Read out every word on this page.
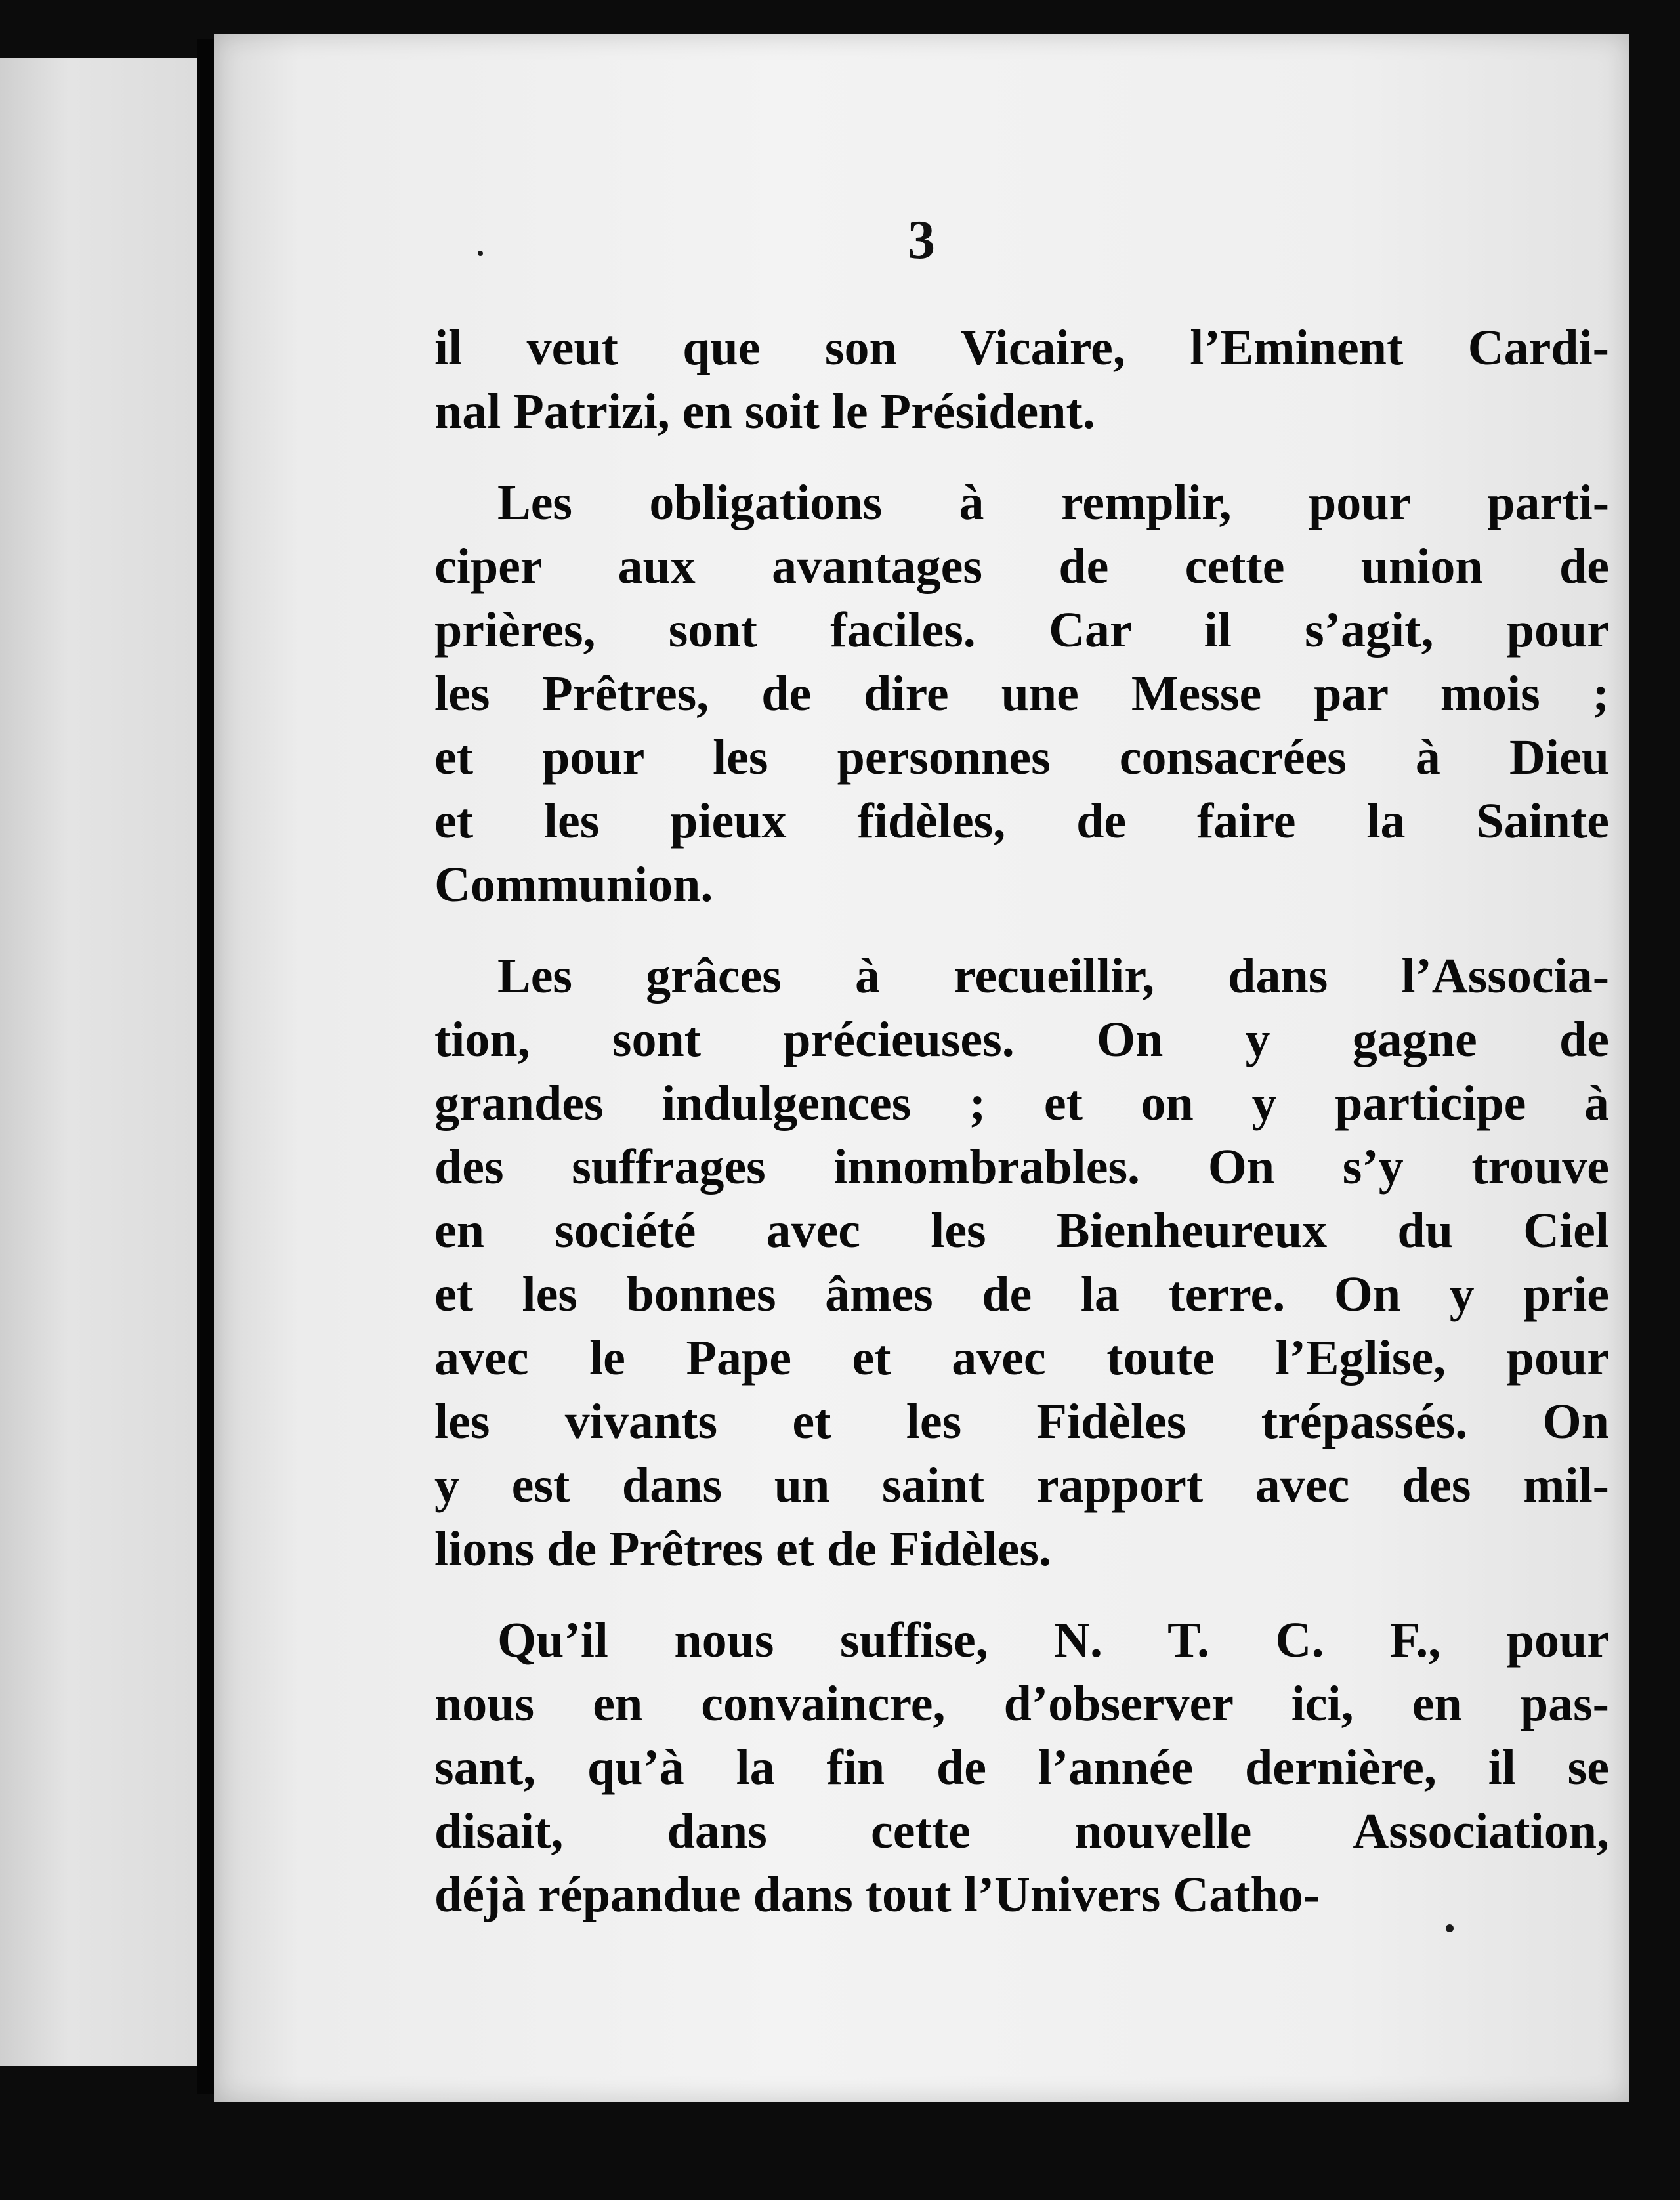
3
il veut que son Vicaire, l’Eminent Cardi-
nal Patrizi, en soit le Président.
Les obligations à remplir, pour parti-
ciper aux avantages de cette union de
prières, sont faciles. Car il s’agit, pour
les Prêtres, de dire une Messe par mois ;
et pour les personnes consacrées à Dieu
et les pieux fidèles, de faire la Sainte
Communion.
Les grâces à recueillir, dans l’Associa-
tion, sont précieuses. On y gagne de
grandes indulgences ; et on y participe à
des suffrages innombrables. On s’y trouve
en société avec les Bienheureux du Ciel
et les bonnes âmes de la terre. On y prie
avec le Pape et avec toute l’Eglise, pour
les vivants et les Fidèles trépassés. On
y est dans un saint rapport avec des mil-
lions de Prêtres et de Fidèles.
Qu’il nous suffise, N. T. C. F., pour
nous en convaincre, d’observer ici, en pas-
sant, qu’à la fin de l’année dernière, il se
disait, dans cette nouvelle Association,
déjà répandue dans tout l’Univers Catho-
